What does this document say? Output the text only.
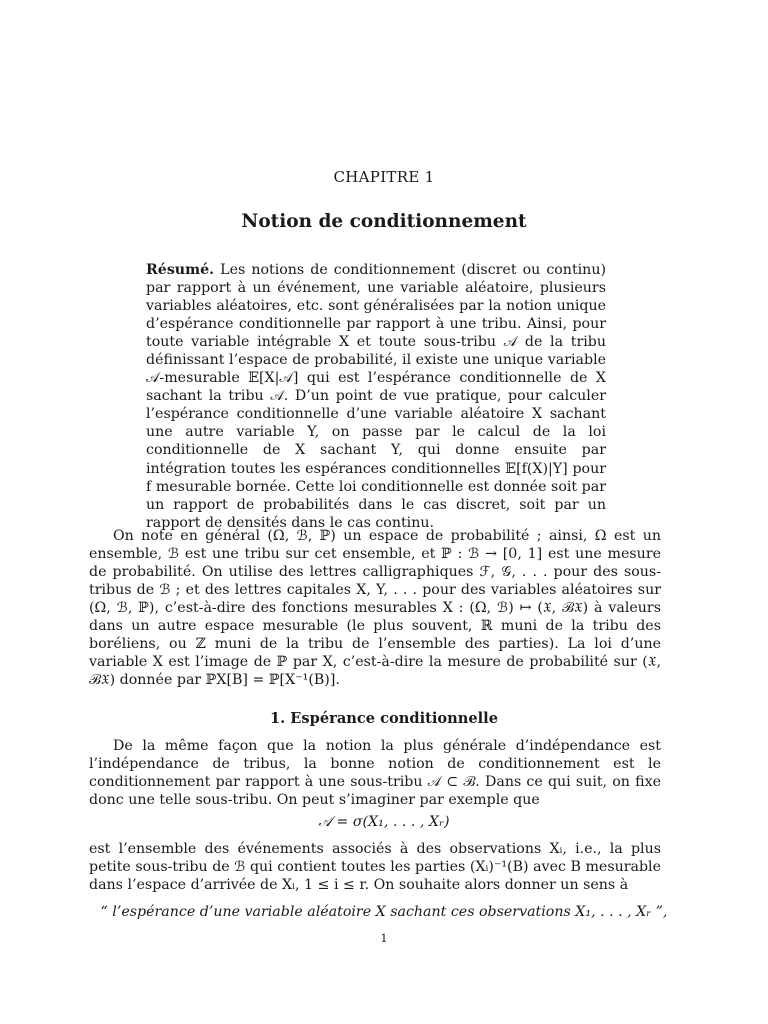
CHAPITRE 1
Notion de conditionnement
Résumé. Les notions de conditionnement (discret ou continu) par rapport à un événement, une variable aléatoire, plusieurs variables aléatoires, etc. sont généralisées par la notion unique d’espérance conditionnelle par rapport à une tribu. Ainsi, pour toute variable intégrable X et toute sous-tribu 𝒜 de la tribu définissant l’espace de probabilité, il existe une unique variable 𝒜-mesurable 𝔼[X|𝒜] qui est l’espérance conditionnelle de X sachant la tribu 𝒜. D’un point de vue pratique, pour calculer l’espérance conditionnelle d’une variable aléatoire X sachant une autre variable Y, on passe par le calcul de la loi conditionnelle de X sachant Y, qui donne ensuite par intégration toutes les espérances conditionnelles 𝔼[f(X)|Y] pour f mesurable bornée. Cette loi conditionnelle est donnée soit par un rapport de probabilités dans le cas discret, soit par un rapport de densités dans le cas continu.
On note en général (Ω, ℬ, ℙ) un espace de probabilité ; ainsi, Ω est un ensemble, ℬ est une tribu sur cet ensemble, et ℙ : ℬ → [0, 1] est une mesure de probabilité. On utilise des lettres calligraphiques ℱ, 𝒢, . . . pour des sous-tribus de ℬ ; et des lettres capitales X, Y, . . . pour des variables aléatoires sur (Ω, ℬ, ℙ), c’est-à-dire des fonctions mesurables X : (Ω, ℬ) ↦ (𝔛, ℬ𝔛) à valeurs dans un autre espace mesurable (le plus souvent, ℝ muni de la tribu des boréliens, ou ℤ muni de la tribu de l’ensemble des parties). La loi d’une variable X est l’image de ℙ par X, c’est-à-dire la mesure de probabilité sur (𝔛, ℬ𝔛) donnée par ℙX[B] = ℙ[X⁻¹(B)].
1. Espérance conditionnelle
De la même façon que la notion la plus générale d’indépendance est l’indépendance de tribus, la bonne notion de conditionnement est le conditionnement par rapport à une sous-tribu 𝒜 ⊂ ℬ. Dans ce qui suit, on fixe donc une telle sous-tribu. On peut s’imaginer par exemple que
𝒜 = σ(X₁, . . . , Xᵣ)
est l’ensemble des événements associés à des observations Xᵢ, i.e., la plus petite sous-tribu de ℬ qui contient toutes les parties (Xᵢ)⁻¹(B) avec B mesurable dans l’espace d’arrivée de Xᵢ, 1 ≤ i ≤ r. On souhaite alors donner un sens à
“ l’espérance d’une variable aléatoire X sachant ces observations X₁, . . . , Xᵣ ”,
1
